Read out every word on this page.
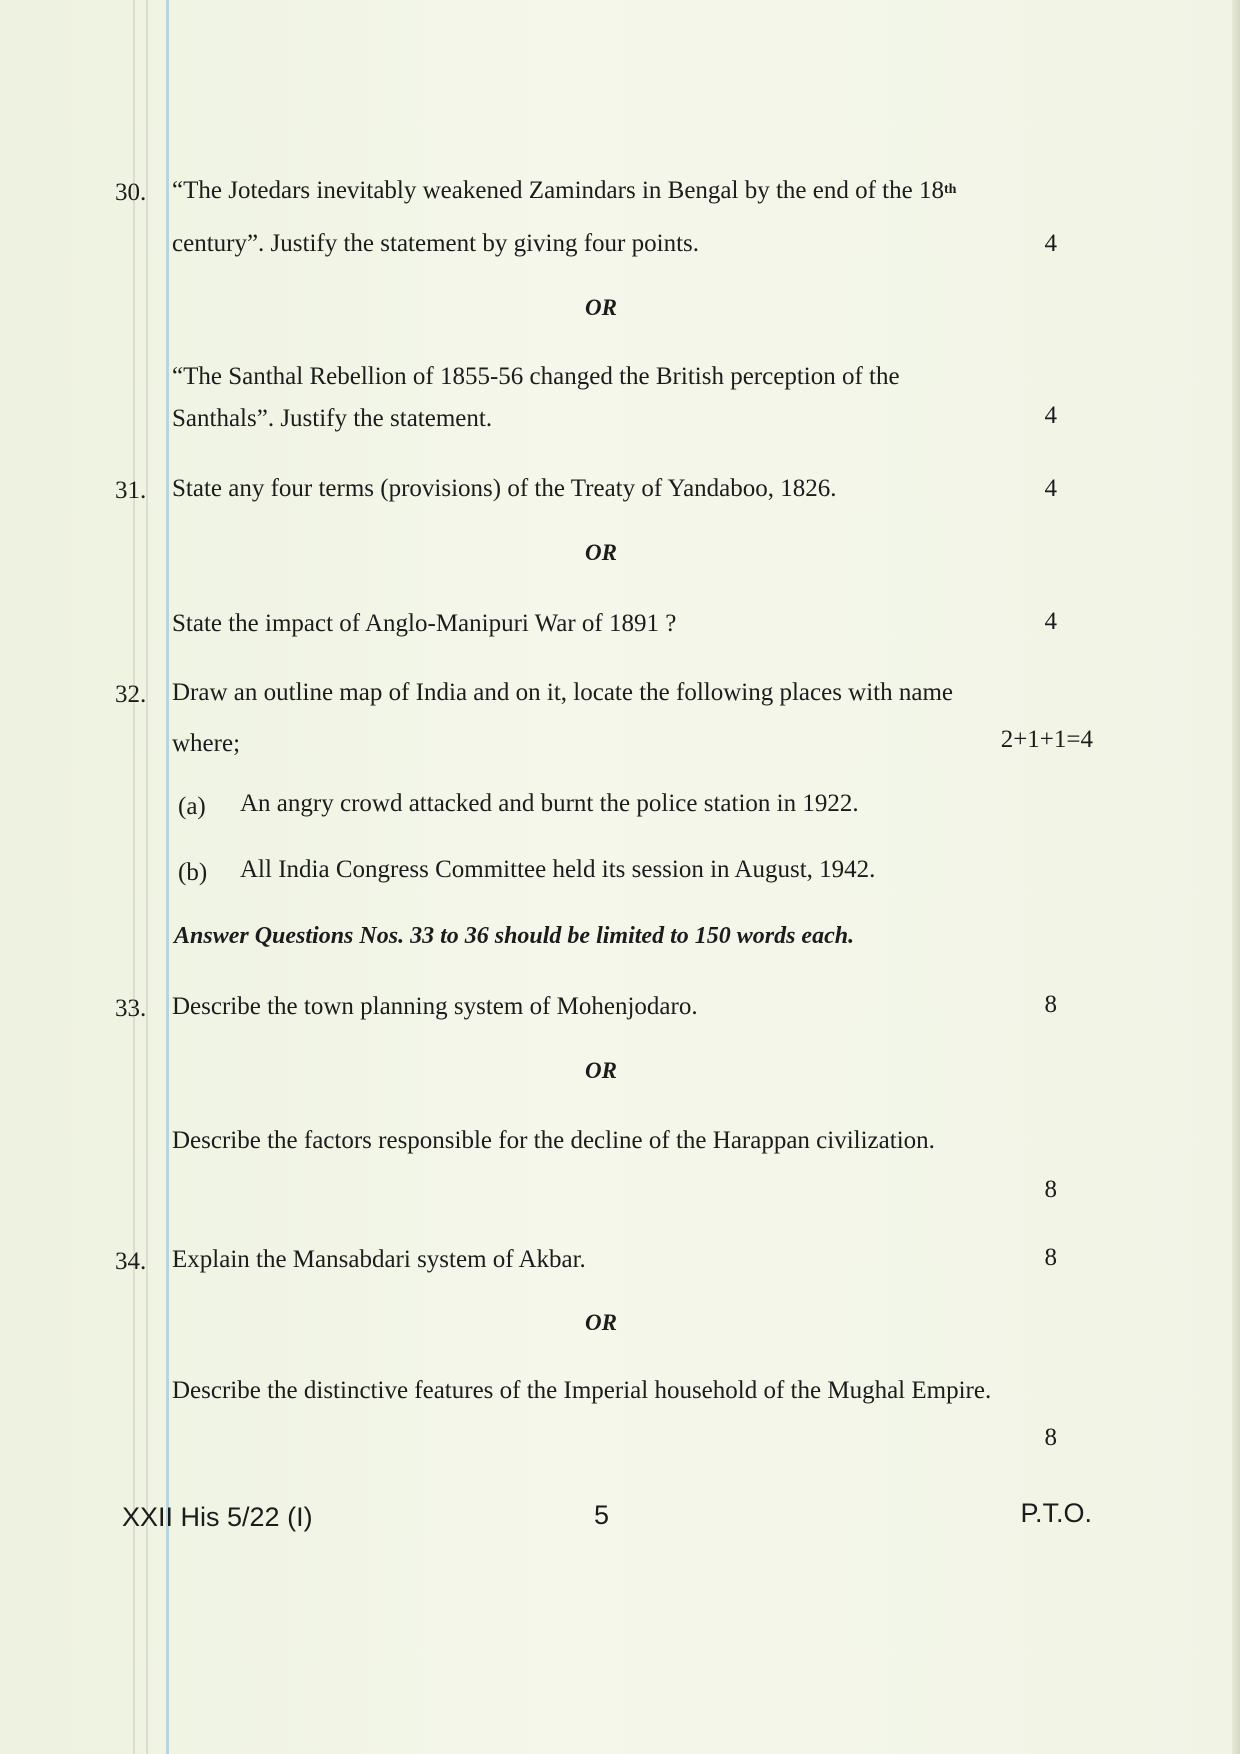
30. “The Jotedars inevitably weakened Zamindars in Bengal by the end of the 18th
century”. Justify the statement by giving four points.	4
OR
“The Santhal Rebellion of 1855-56 changed the British perception of the
Santhals”. Justify the statement.	4
31. State any four terms (provisions) of the Treaty of Yandaboo, 1826.	4
OR
State the impact of Anglo-Manipuri War of 1891 ?	4
32. Draw an outline map of India and on it, locate the following places with name
where;	2+1+1=4
(a) An angry crowd attacked and burnt the police station in 1922.
(b) All India Congress Committee held its session in August, 1942.
Answer Questions Nos. 33 to 36 should be limited to 150 words each.
33. Describe the town planning system of Mohenjodaro.	8
OR
Describe the factors responsible for the decline of the Harappan civilization.
8
34. Explain the Mansabdari system of Akbar.	8
OR
Describe the distinctive features of the Imperial household of the Mughal Empire.
8
XXII His 5/22 (I)	5	P.T.O.
